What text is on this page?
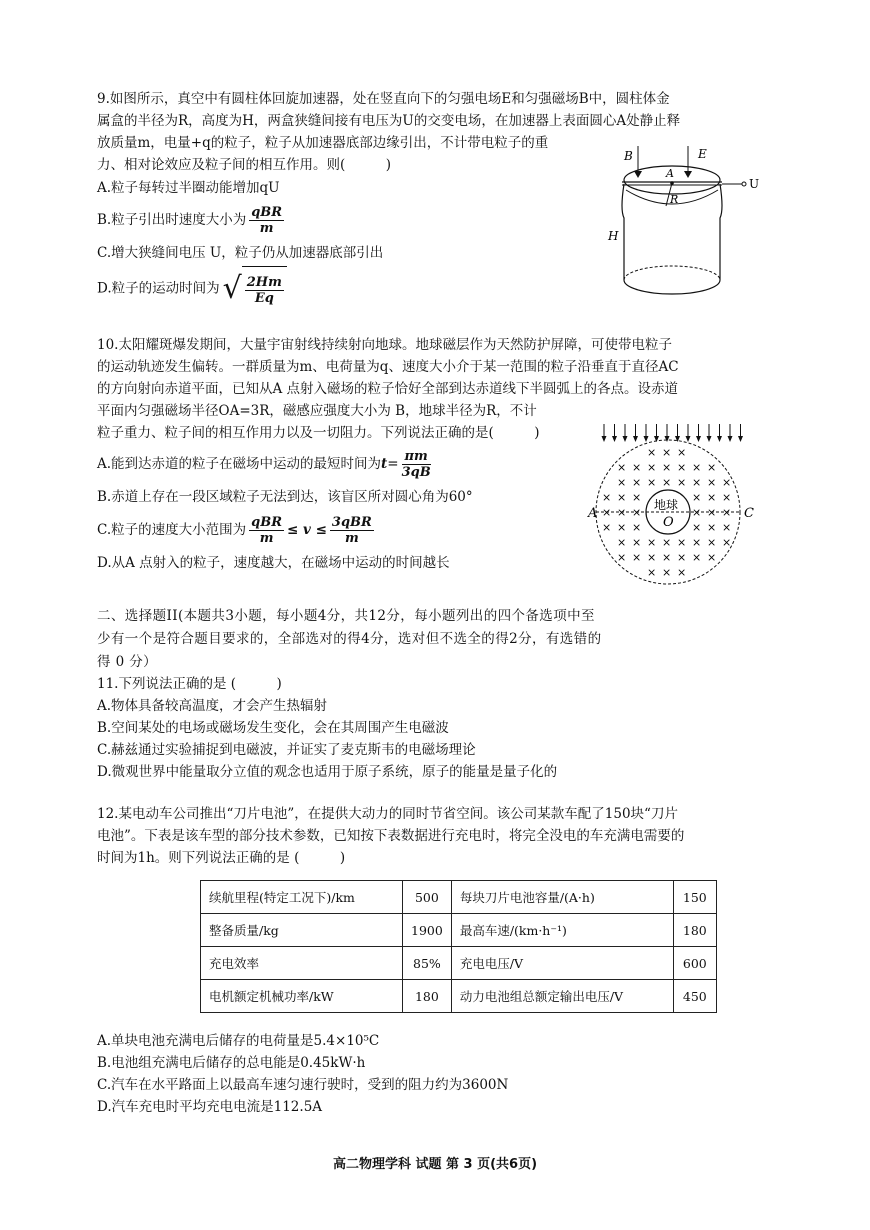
9.如图所示，真空中有圆柱体回旋加速器，处在竖直向下的匀强电场E和匀强磁场B中，圆柱体金
属盒的半径为R，高度为H，两盒狭缝间接有电压为U的交变电场，在加速器上表面圆心A处静止释
放质量m，电量+q的粒子，粒子从加速器底部边缘引出，不计带电粒子的重
力、相对论效应及粒子间的相互作用。则(　　　)
A.粒子每转过半圈动能增加qU
B.粒子引出时速度大小为 $\frac{\text{qBR}}{m}$
C.增大狭缝间电压 U，粒子仍从加速器底部引出
D.粒子的运动时间为 √ $\frac{2Hm}{Eq}$
U
A
R
B	E
H
10.太阳耀斑爆发期间，大量宇宙射线持续射向地球。地球磁层作为天然防护屏障，可使带电粒子
的运动轨迹发生偏转。一群质量为m、电荷量为q、速度大小介于某一范围的粒子沿垂直于直径AC
的方向射向赤道平面，已知从A 点射入磁场的粒子恰好全部到达赤道线下半圆弧上的各点。设赤道
平面内匀强磁场半径OA=3R，磁感应强度大小为 B，地球半径为R，不计
粒子重力、粒子间的相互作用力以及一切阻力。下列说法正确的是(　　　)
A.能到达赤道的粒子在磁场中运动的最短时间为$t= \frac{\pi m}{3qB}$
B.赤道上存在一段区域粒子无法到达，该盲区所对圆心角为60°
C.粒子的速度大小范围为 $\frac{\text{qBR}}{m} \le v \le \frac{\text{3qBR}}{m}$
D.从A 点射入的粒子，速度越大，在磁场中运动的时间越长
× × ×
× × × × × × ×
× × × × × × × ×
× × ×	× × ×
× × ×	× × ×
× × ×	× × ×
× × × × × × × ×
× × × × × × ×
× × ×
地球
O
A	C
二、选择题II(本题共3小题，每小题4分，共12分，每小题列出的四个备选项中至
少有一个是符合题目要求的，全部选对的得4分，选对但不选全的得2分，有选错的
得 0 分）
11.下列说法正确的是 (　　　)
A.物体具备较高温度，才会产生热辐射
B.空间某处的电场或磁场发生变化，会在其周围产生电磁波
C.赫兹通过实验捕捉到电磁波，并证实了麦克斯韦的电磁场理论
D.微观世界中能量取分立值的观念也适用于原子系统，原子的能量是量子化的
12.某电动车公司推出“刀片电池”，在提供大动力的同时节省空间。该公司某款车配了150块“刀片
电池”。下表是该车型的部分技术参数，已知按下表数据进行充电时，将完全没电的车充满电需要的
时间为1h。则下列说法正确的是 (　　　)
续航里程(特定工况下)/km	500	每块刀片电池容量/(A·h)	150
整备质量/kg	1900	最高车速/(km·h⁻¹)	180
充电效率	85%	充电电压/V	600
电机额定机械功率/kW	180	动力电池组总额定输出电压/V	450
A.单块电池充满电后储存的电荷量是5.4×10⁵C
B.电池组充满电后储存的总电能是0.45kW·h
C.汽车在水平路面上以最高车速匀速行驶时，受到的阻力约为3600N
D.汽车充电时平均充电电流是112.5A
高二物理学科 试题 第 3 页(共6页)
